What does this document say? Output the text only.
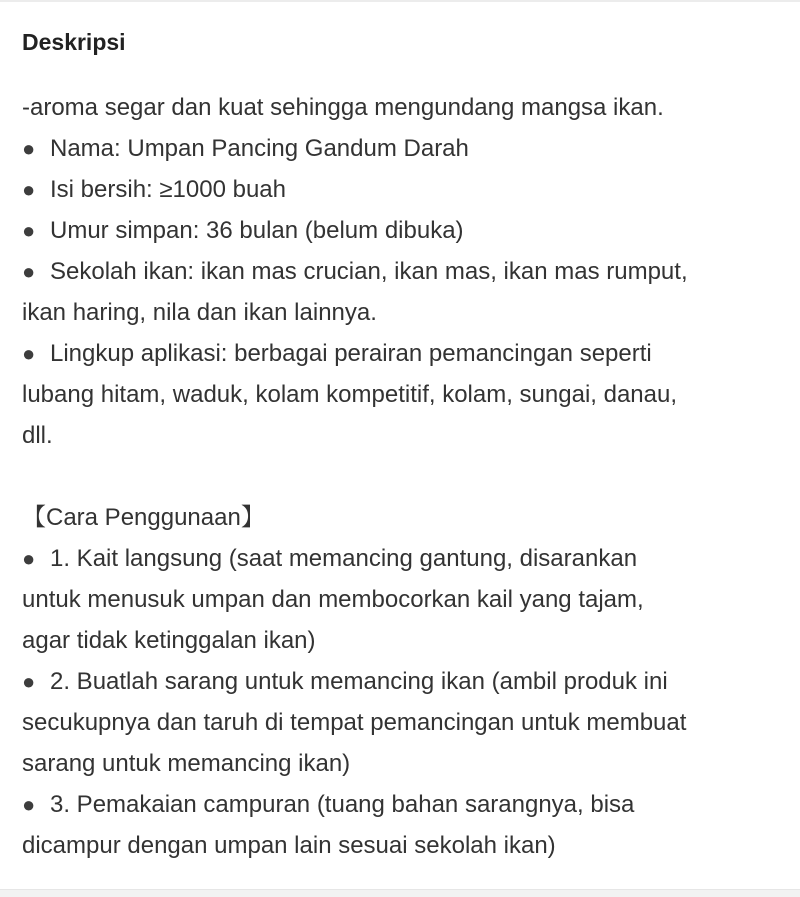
Deskripsi
-aroma segar dan kuat sehingga mengundang mangsa ikan.
● Nama: Umpan Pancing Gandum Darah
● Isi bersih: ≥1000 buah
● Umur simpan: 36 bulan (belum dibuka)
● Sekolah ikan: ikan mas crucian, ikan mas, ikan mas rumput,
ikan haring, nila dan ikan lainnya.
● Lingkup aplikasi: berbagai perairan pemancingan seperti
lubang hitam, waduk, kolam kompetitif, kolam, sungai, danau,
dll.
【Cara Penggunaan】
● 1. Kait langsung (saat memancing gantung, disarankan
untuk menusuk umpan dan membocorkan kail yang tajam,
agar tidak ketinggalan ikan)
● 2. Buatlah sarang untuk memancing ikan (ambil produk ini
secukupnya dan taruh di tempat pemancingan untuk membuat
sarang untuk memancing ikan)
● 3. Pemakaian campuran (tuang bahan sarangnya, bisa
dicampur dengan umpan lain sesuai sekolah ikan)
